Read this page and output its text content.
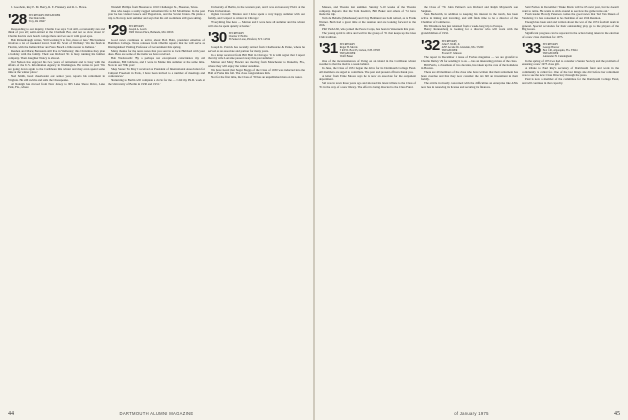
J. Goodwin, Roy E. M. Berry, R. E. Flannery and R. L. Howe.

'28 SECRETARY-TREASURER
Van Dale Gillis
Troy, PA 16947

Responding to our inquiry, Charlie Coe says 'I sit still, occasionally run and think of you all; semi-retired at the Chatham Bar, and not so slow about it.' Charlie has his own beach cottage there and we see it with good eyes.

Bob Rickenbaugh writes, 'Still working 9 to five, more or less.' His business involves a lot of weekend travel. Said Dr. Scott of Wellsley: 'On the flesh in Florida, with the Indian River and Vero Beach a little nearer to Indiana.'

Reuben and Marie Bernstein still live in Wellesley; this Christmas they plan a holiday with the family. Their son Richard '61 is busy running his lumber company. Their daughter Nancy is abroad.

Ted Nelson has enjoyed his two years of retirement and is busy with the affairs of the U.S. Information Agency in Washington. He writes in part: 'We are going down again to the Caribbean this winter and may even spend some time at the winter place.'

Ned Smith, head cheerleader our senior year, reports his retirement in Virginia. He still swims and sails the Chesapeake.

Al Raleigh has moved from New Jersey to 905 Lake Shore Drive, Lake Park, Fla., where

Wendell Phillips from Houston to 1010 Challenger St., Houston, Texas.

One who keeps a really rugged retirement life is Ed McAllister. In the past year he has visited Greece and Yugoslavia, and the Soviet Union. He plans a trip to Norway next summer and says that his old roommate still goes skiing.

'29 SECRETARY
Joseph A. Leech
5600 Vernon Place, Bethesda, Md. 20016

Good news continues to arrive about Bob Bohr, president emeritus of Hamilton College. News releases from Oberlin reports that he will serve as Distinguished Visiting Professor of Government this spring.

Many thanks for the news notes that you sent in to Jack Hubbard with your dues. Here are some of the items we have received.

Bob Wadsworth: 'By a perhaps not exceptional coincidence my old classmate, Bill Gibbons, and I were in Maine this summer at the same time. Now in our 70th year.'

Shep Stone: 'In May I received as President of International Association for Cultural Freedom in Paris, I have been invited to a number of meetings and conferences.'

'Returning to Berlin will complete a circle for me — I did my Ph.D. work at the University of Berlin in 1930 and 1931.'

University of Berlin, in the western part, and I was an honorary Ph.D. at the Freie Universitaet.

Ogden Crowell: 'Marion and I have spent a very happy summer with our family, and I expect to winter in Chicago.'

'Everything fine here — Marion and I were here all summer and the winter will also be spent quietly at home.'

'30 SECRETARY
Charles V. Hobbs
36 Seneca Lane, Pittsford, N.Y. 14534

Joseph K. Patrick has recently retired from Chadbourne & Parke, where he served as an associate and partner for many years.

In a letter received from Bill Hall in Chicago: 'It is with regret that I report that my wife Lorraine passed away this past summer.'

Marion and Mary Bowler are moving from Manchester to Dunedin, Fla., where they will enjoy the winter sunshine.

We have heard that Sugar Boggs of the Class of 1930 was inducted into the Hall of Fame this fall. The class congratulates him.

Not for the first time, the Class of '30 has an unpublished man on its roster.

44	DARTMOUTH ALUMNI MAGAZINE

Masses, and Theatre last summer. Sunday 5-10 weeks of the Theatre company. Reports that the Tom Koehn's, Bill Baker and others of '31 have made the trip.

Tom de Bebelle (Manhasset) and Clay Helmund are both retired, as is Frank Warner. Both had a great time at the reunion and are looking forward to the 45th.

Phil Vieh-Uhl, who joined the Peace Corps, has been in Venezuela this year.

The young spirit is alive and well in the group of '31 that keeps up the Glee Club tradition.

'31 SECRETARY
Roger H. Morris
5 R.F.D. Box 63, Lisbon, N.H. 03585
TREASURER
Wolff Baker

One of the inconveniences of living on an island in the Caribbean winter weather is that the mail is a week behind.

In June, the Class of 1931 began the drive for its Dartmouth College Fund. All members are urged to contribute. The past and present officers thank you.

A letter from Ernie Moore says he is now an associate for the outpatient department.

Sid was in town three years ago and showed his latest tribute to the Class of '31 in the way of a new library. The effort is being directed to the Class Fund.

the Class of '79. John Peltner's son Richard and Ralph Maynard's son Stephen.

Stan Beckwith, in addition to keeping his interest in the ranch, has been active in hiking and traveling, and still finds time to be a director of the Chamber of Commerce.

Dic Dinsmore has just returned from a week-long trip to Europe.

Henry Ronnenberg is looking for a director who will work with the grandchildren of 1932.

'32 SECRETARY
John F. Wolff, Jr.
4297 Arcade Dr. Glendale, Wis. 53209
TREASURER
Everett F. Johnson

The report in December 1 issue of Forbes magazine — we are grateful to Charlie Dailey '29 for sending it to us — has an interesting picture of the class.

Bill Ferris, a classmate of two decades, has taken up the care of the homeless in Boston.

There are 49 members of the class who have written that their retirement has been overdue and that they now consider the tax bill an investment in their family.

The article in mostly concerned with the difficulties an enterprise like ANG now has in renewing its license and securing its finances.

Said Forbes in December: 'Duke Mack will be 65 next year, but he doesn't want to retire. He wants to stick around to see how the game turns out.'

From leader Howdy Peterson comes the good news that Ted Van Dusen of Vandelay, Ct. has consented to be chairman of our 45th Reunion.

Enough has been said and written about the war of the 1974 football team in general. Special accolades for their outstanding play go to the players of the Big Green.

Significant progress can be reported in the action being taken in the election of a new class chairman for 1975.

'33 SECRETARY
George Brewer
Box 140, Algonquin, Fla. 33924
TREASURER
Alexander H. Cunningham

In the spring of 1974 we had to consider a Senior Society and the problem of ensuring a new 1975 class gift.

A tribute to Paul Ray's secretary of Dartmouth fund and work in the community is called for. One of the last things she did before her retirement was to see the new Class Directory through the press.

Paul is now a member of the committee for the Dartmouth College Fund, and will continue in that capacity.

45
of January 1975
